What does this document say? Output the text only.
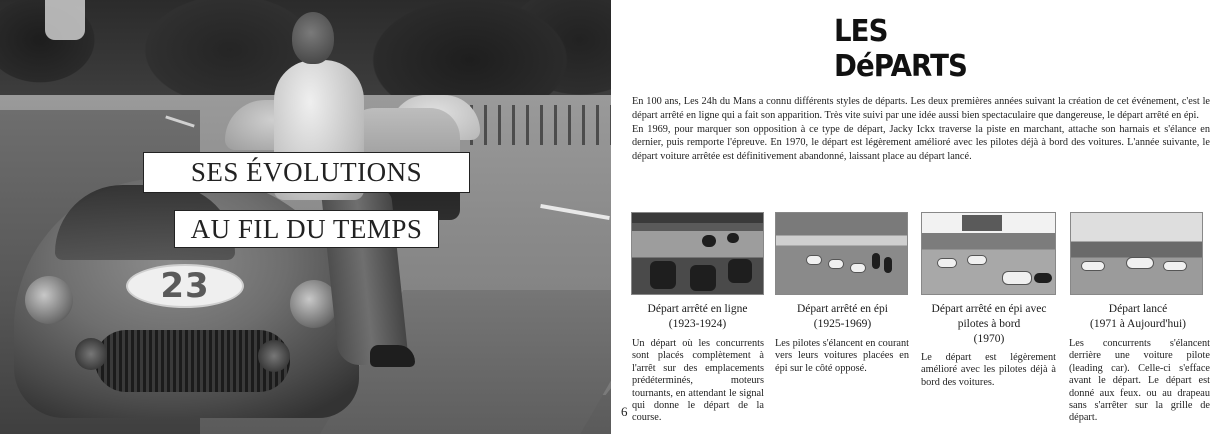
23
SES ÉVOLUTIONS
AU FIL DU TEMPS
6
LES DéPARTS

En 100 ans, Les 24h du Mans a connu différents styles de départs. Les deux premières années suivant la création de cet événement, c'est le départ arrêté en ligne qui a fait son apparition. Très vite suivi par une idée aussi bien spectaculaire que dangereuse, le départ arrêté en épi.

En 1969, pour marquer son opposition à ce type de départ, Jacky Ickx traverse la piste en marchant, attache son harnais et s'élance en dernier, puis remporte l'épreuve. En 1970, le départ est légèrement amélioré avec les pilotes déjà à bord des voitures. L'année suivante, le départ voiture arrêtée est définitivement abandonné, laissant place au départ lancé.

Départ arrêté en ligne
(1923-1924)
Départ arrêté en épi
(1925-1969)
Départ arrêté en épi avec pilotes à bord
(1970)
Départ lancé
(1971 à Aujourd'hui)
Un départ où les concurrents sont placés complètement à l'arrêt sur des emplacements prédéterminés, moteurs tournants, en attendant le signal qui donne le départ de la course.
Les pilotes s'élancent en courant vers leurs voitures placées en épi sur le côté opposé.
Le départ est légèrement amélioré avec les pilotes déjà à bord des voitures.
Les concurrents s'élancent derrière une voiture pilote (leading car). Celle-ci s'efface avant le départ. Le départ est donné aux feux. ou au drapeau sans s'arrêter sur la grille de départ.
